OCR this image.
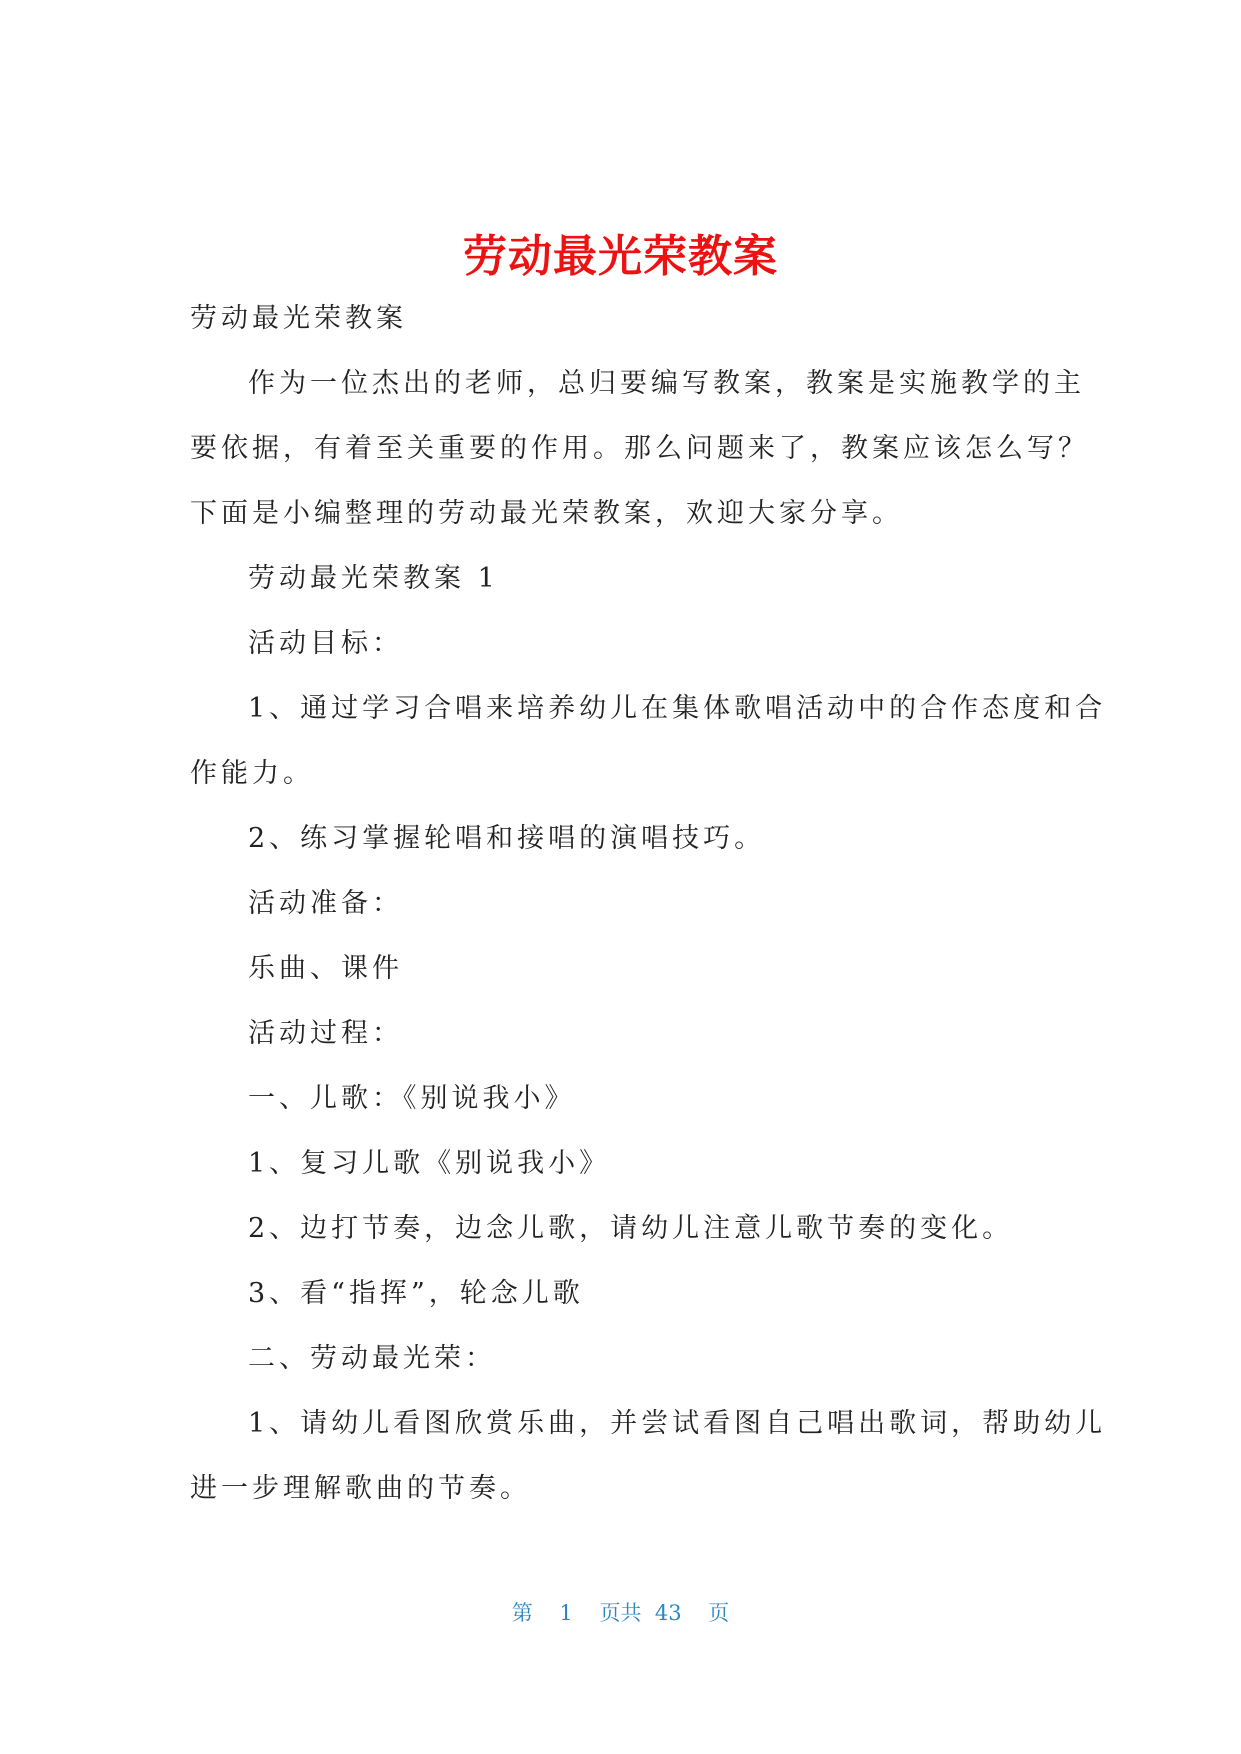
劳动最光荣教案

劳动最光荣教案

作为一位杰出的老师，总归要编写教案，教案是实施教学的主
要依据，有着至关重要的作用。那么问题来了，教案应该怎么写？
下面是小编整理的劳动最光荣教案，欢迎大家分享。

劳动最光荣教案 1

活动目标：

1、通过学习合唱来培养幼儿在集体歌唱活动中的合作态度和合
作能力。

2、练习掌握轮唱和接唱的演唱技巧。

活动准备：

乐曲、课件

活动过程：

一、儿歌：《别说我小》

1、复习儿歌《别说我小》

2、边打节奏，边念儿歌，请幼儿注意儿歌节奏的变化。

3、看“指挥”，轮念儿歌

二、劳动最光荣：

1、请幼儿看图欣赏乐曲，并尝试看图自己唱出歌词，帮助幼儿
进一步理解歌曲的节奏。

第 1 页共 43 页
